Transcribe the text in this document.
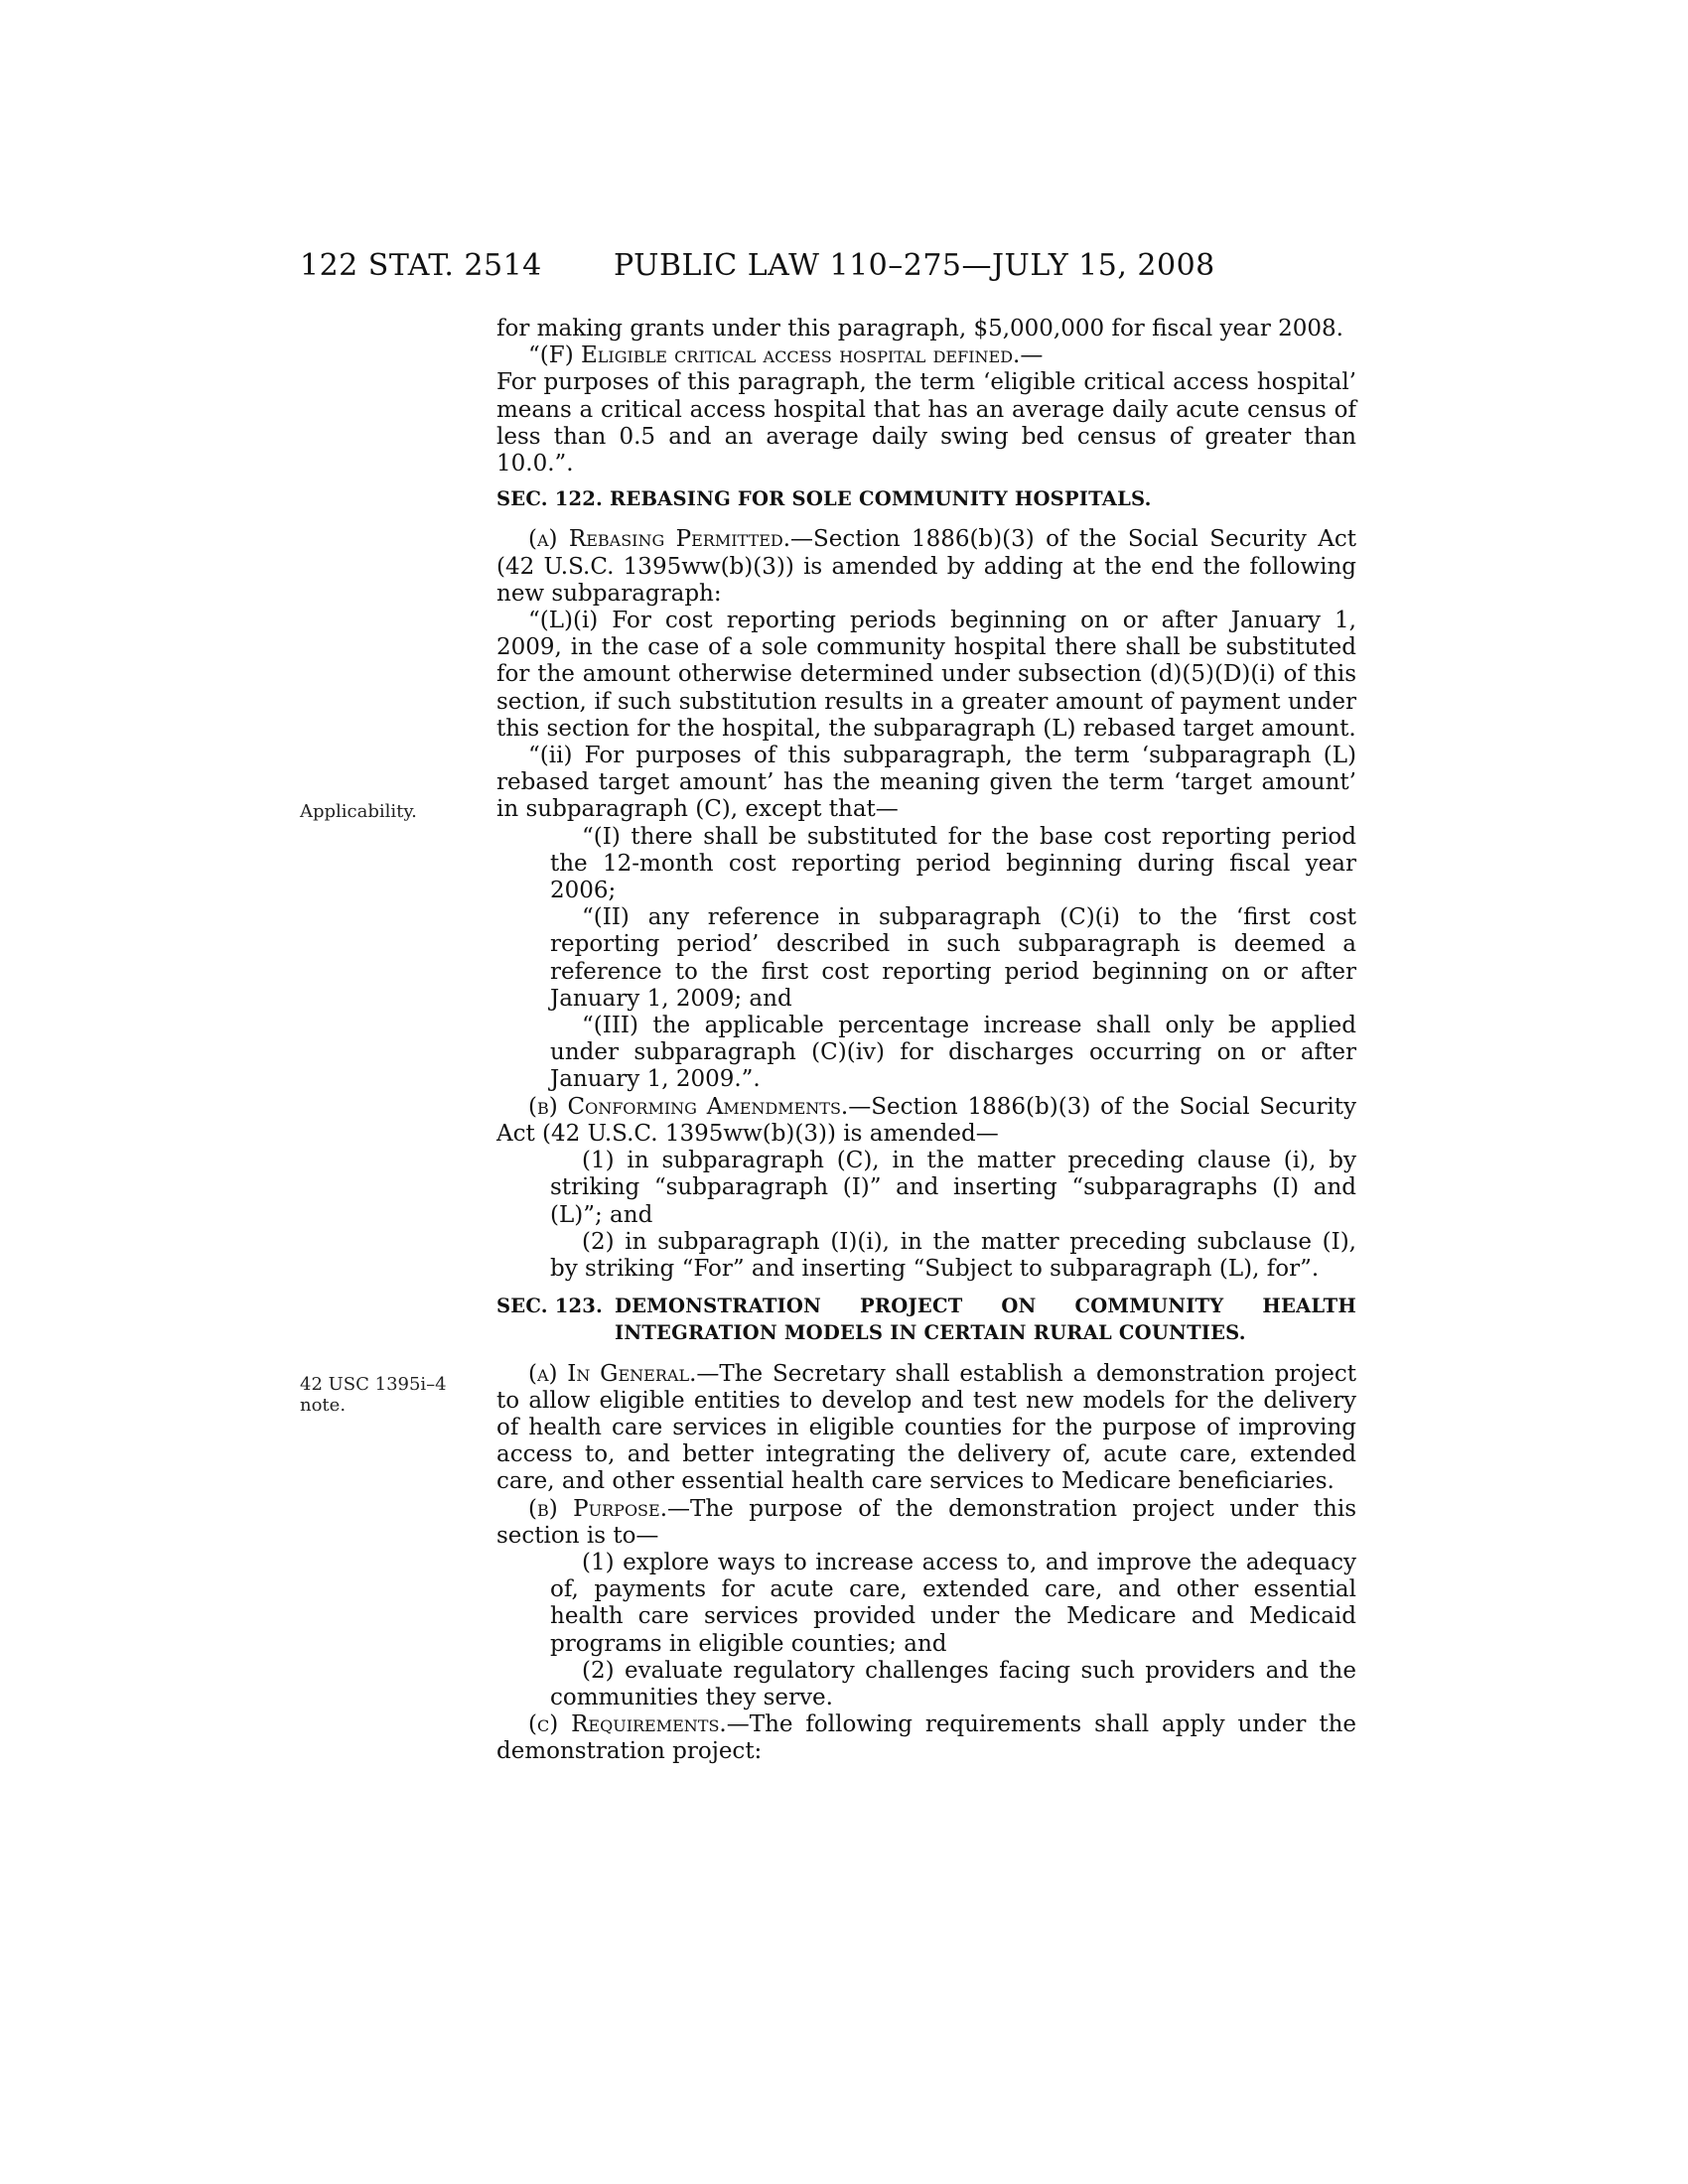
122 STAT. 2514 PUBLIC LAW 110–275—JULY 15, 2008
Applicability.
42 USC 1395i–4
note.

for making grants under this paragraph, $5,000,000 for fiscal year 2008.

“(F) Eligible critical access hospital defined.—

For purposes of this paragraph, the term ‘eligible critical access hospital’ means a critical access hospital that has an average daily acute census of less than 0.5 and an average daily swing bed census of greater than 10.0.”.

SEC. 122. REBASING FOR SOLE COMMUNITY HOSPITALS.

(a) Rebasing Permitted.—Section 1886(b)(3) of the Social Security Act (42 U.S.C. 1395ww(b)(3)) is amended by adding at the end the following new subparagraph:

“(L)(i) For cost reporting periods beginning on or after January 1, 2009, in the case of a sole community hospital there shall be substituted for the amount otherwise determined under subsection (d)(5)(D)(i) of this section, if such substitution results in a greater amount of payment under this section for the hospital, the subparagraph (L) rebased target amount.

“(ii) For purposes of this subparagraph, the term ‘subparagraph (L) rebased target amount’ has the meaning given the term ‘target amount’ in subparagraph (C), except that—

“(I) there shall be substituted for the base cost reporting period the 12-month cost reporting period beginning during fiscal year 2006;

“(II) any reference in subparagraph (C)(i) to the ‘first cost reporting period’ described in such subparagraph is deemed a reference to the first cost reporting period beginning on or after January 1, 2009; and

“(III) the applicable percentage increase shall only be applied under subparagraph (C)(iv) for discharges occurring on or after January 1, 2009.”.

(b) Conforming Amendments.—Section 1886(b)(3) of the Social Security Act (42 U.S.C. 1395ww(b)(3)) is amended—

(1) in subparagraph (C), in the matter preceding clause (i), by striking “subparagraph (I)” and inserting “subparagraphs (I) and (L)”; and

(2) in subparagraph (I)(i), in the matter preceding subclause (I), by striking “For” and inserting “Subject to subparagraph (L), for”.

SEC. 123. DEMONSTRATION PROJECT ON COMMUNITY HEALTH INTEGRATION MODELS IN CERTAIN RURAL COUNTIES.

(a) In General.—The Secretary shall establish a demonstration project to allow eligible entities to develop and test new models for the delivery of health care services in eligible counties for the purpose of improving access to, and better integrating the delivery of, acute care, extended care, and other essential health care services to Medicare beneficiaries.

(b) Purpose.—The purpose of the demonstration project under this section is to—

(1) explore ways to increase access to, and improve the adequacy of, payments for acute care, extended care, and other essential health care services provided under the Medicare and Medicaid programs in eligible counties; and

(2) evaluate regulatory challenges facing such providers and the communities they serve.

(c) Requirements.—The following requirements shall apply under the demonstration project:
